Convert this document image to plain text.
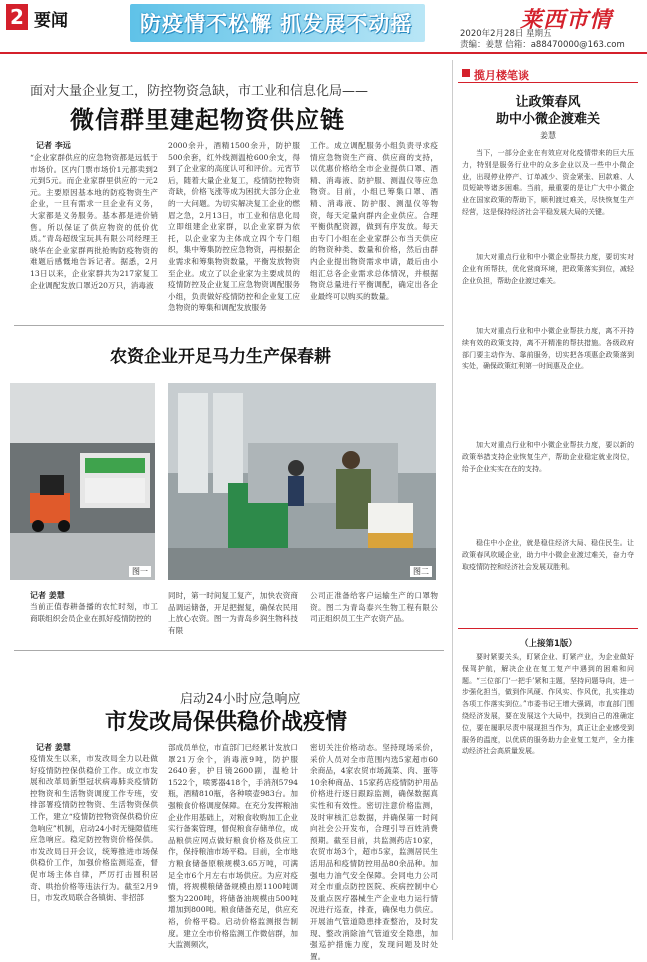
2 要闻	防疫情不松懈 抓发展不动摇	莱西市情
2020年2月28日 星期五
责编：姜慧 信箱：a88470000@163.com
面对大量企业复工，防控物资急缺，市工业和信息化局——
微信群里建起物资供应链
记者 李远
“企业家群供应的应急物资都是远低于市场价。区内门票市场价1元都卖到2元到5元。而企业家群里供应的一元2元。主要原因基本地的防疫物资生产企业，一旦有需求一旦企业有义务，大家都是义务服务。基本都是进价销售。所以保证了供应物资的低价优质。”青岛超级宝玩具有限公司经理王晓华在企业家群两批抢购防疫物资的难题后感慨地告诉记者。据悉，2月13日以来，企业家群共为217家复工企业调配发放口罩近20万只，消毒液
2000余升，酒精1500余升，防护服500余套，红外线测温枪600余支，得到了企业家的高度认可和评价。元宵节后，随着大量企业复工，疫情防控物资奇缺，价格飞涨等成为困扰大部分企业的一大问题。为切实解决复工企业的燃眉之急，2月13日，市工业和信息化局立即组建企业家群，以企业家群为依托，以企业家为主体成立四个专门组织，集中筹集防控应急物资，再根据企业需求和筹集物资数量，平衡发放物资至企业。成立了以企业家为主要成员的疫情防控及企业复工应急物资调配服务小组，负责做好疫情防控和企业复工应急物资的筹集和调配发放服务
工作。成立调配服务小组负责寻求疫情应急物资生产商、供应商的支持，以优惠价格给全市企业提供口罩、酒精、消毒液、防护服、测温仪等应急物资。目前，小组已筹集口罩、酒精、消毒液、防护服、测温仪等物资，每天定量向群内企业供应。合理平衡供配资源，做到有序发放。每天由专门小组在企业家群公布当天供应的物资种类、数量和价格，然后由群内企业提出物资需求申请，最后由小组汇总各企业需求总体情况，并根据物资总量进行平衡调配，确定出各企业最终可以购买的数量。
农资企业开足马力生产保春耕
图一	图二
记者 姜慧
当前正值春耕备播的农忙时刻，市工商联组织会员企业在抓好疫情防控的
同时，第一时间复工复产，加快农资商品调运储备，开足把握复，确保农民用上放心农资。图一为青岛乡润生物科技有限
公司正准备给客户运输生产的口罩物资。图二为青岛泰兴生物工程有限公司正组织员工生产农资产品。
启动24小时应急响应
市发改局保供稳价战疫情
记者 姜慧
疫情发生以来，市发改局全力以赴做好疫情防控保供稳价工作。成立市发展和改革局新型冠状病毒肺炎疫情防控物资和生活物资调度工作专班，安排部署疫情防控物资、生活物资保供工作，建立“疫情防控物资保供稳价应急响应”机制，启动24小时无缝隙值班应急响应。稳定防控物资价格保供。市发改局日开会议，统筹推进市场保供稳价工作，加强价格监测巡查，督促市场主体自律，严厉打击囤积居奇、哄抬价格等违法行为。截至2月9日，市发改局联合各镇街、非招部
部成员单位，市直部门已经累计发放口罩21万余个，消毒液9吨，防护服2640套，护目镜2600副，温枪计1522个，喷雾器418个，手消剂5794瓶，酒精810瓶，各种喷壶983台。加强粮食价格调度保障。在充分发挥粮油企业作用基础上，对粮食收购加工企业实行备案管理，督促粮食存储单位，成品粮供应网点做好粮食价格及供应工作，保持粮油市场平稳。目前，全市地方粮食储备原粮规模3.65万吨，可满足全市6个月左右市场供应。为应对疫情，将规模粮储备规模由原1100吨调整为2200吨，将储备油规模由500吨增加到800吨。粮食储备充足，供应充裕，价格平稳。启动价格监测报告制度。建立全市价格监测工作微信群，加大监测频次，
密切关注价格动态。坚持现场采价，采价人员对全市范围内选5家超市60余商品，4家农贸市场蔬菜、肉、蛋等10余种商品、15家药店疫情防护用品价格进行逐日跟踪监测，确保数据真实性和有效性。密切注意价格监测，及时审核汇总数据，并确保第一时间向社会公开发布，合理引导百姓消费预期。截至目前，共监测药店10家，农贸市场3个，超市5家，监测居民生活用品和疫情防控用品80余品种。加强电力油气安全保障。会同电力公司对全市重点防控医院、疾病控制中心及重点医疗器械生产企业电力运行情况进行巡查，排查，确保电力供应。开展油气管道隐患排查整治，及时发现、整改消除油气管道安全隐患，加强巡护措施力度，发现问题及时处置。
揽月楼笔谈
让政策春风
助中小微企渡难关
姜慧
当下，一部分企业在有效应对化疫情带来的巨大压力，特别是服务行业中的众多企业以及一些中小微企业，出现停业停产、订单减少、资金紧张、回款难、人员短缺等诸多困难。当前，最重要的是让广大中小微企业在国家政策的帮助下，顺利渡过难关，尽快恢复生产经营，这是保持经济社会平稳发展大局的关键。
加大对重点行业和中小微企业帮扶力度，要切实对企业有所帮扶，优化营商环境，把政策落实到位，减轻企业负担，帮助企业渡过难关。
加大对重点行业和中小微企业帮扶力度，离不开持续有效的政策支持，离不开精准的帮扶措施。各级政府部门要主动作为、靠前服务，切实把各项惠企政策落到实处，确保政策红利第一时间惠及企业。
加大对重点行业和中小微企业帮扶力度，要以新的政策举措支持企业恢复生产，帮助企业稳定就业岗位，给予企业实实在在的支持。
稳住中小企业，就是稳住经济大局、稳住民生。让政策春风吹暖企业，助力中小微企业渡过难关，奋力夺取疫情防控和经济社会发展双胜利。
（上接第1版）
要时紧要关头，盯紧企业、盯紧产业，为企业做好保驾护航，解决企业在复工复产中遇到的困难和问题。“三位部门‘一把手’紧和主题，坚持问题导向，进一步强化担当，做到作风硬、作风实、作风优，扎实推动各项工作落实到位。”市委书记王增大强调，市直部门围绕经济发展，要在发展这个大局中，找到自己的准确定位，要在履职尽责中展现担当作为，真正让企业感受到服务的温度，以优质的服务助力企业复工复产，全力推动经济社会高质量发展。
